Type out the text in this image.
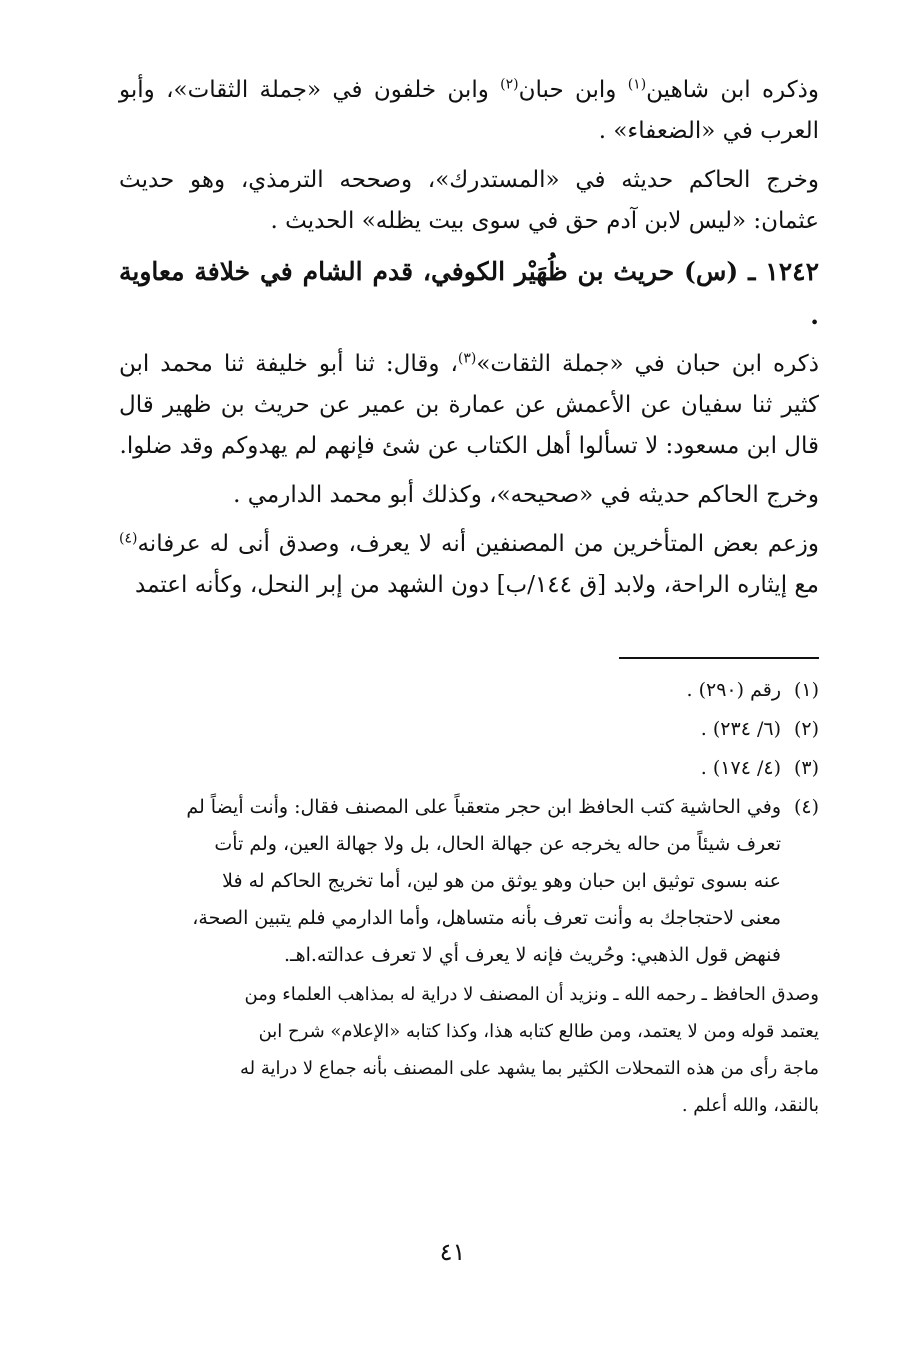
وذكره ابن شاهين$^{(١)}$ وابن حبان$^{(٢)}$ وابن خلفون في «جملة الثقات»، وأبو العرب في «الضعفاء» .

وخرج الحاكم حديثه في «المستدرك»، وصححه الترمذي، وهو حديث عثمان: «ليس لابن آدم حق في سوى بيت يظله» الحديث .

١٢٤٢ ـ (س) حريث بن ظُهَيْر الكوفي، قدم الشام في خلافة معاوية .

ذكره ابن حبان في «جملة الثقات»$^{(٣)}$، وقال: ثنا أبو خليفة ثنا محمد ابن كثير ثنا سفيان عن الأعمش عن عمارة بن عمير عن حريث بن ظهير قال قال ابن مسعود: لا تسألوا أهل الكتاب عن شئ فإنهم لم يهدوكم وقد ضلوا.

وخرج الحاكم حديثه في «صحيحه»، وكذلك أبو محمد الدارمي .

وزعم بعض المتأخرين من المصنفين أنه لا يعرف، وصدق أنى له عرفانه$^{(٤)}$ مع إيثاره الراحة، ولابد [ق ١٤٤/ب] دون الشهد من إبر النحل، وكأنه اعتمد

(١)
رقم (٢٩٠) .
(٢)
(٦/ ٢٣٤) .
(٣)
(٤/ ١٧٤) .
(٤)
وفي الحاشية كتب الحافظ ابن حجر متعقباً على المصنف فقال: وأنت أيضاً لم
تعرف شيئاً من حاله يخرجه عن جهالة الحال، بل ولا جهالة العين، ولم تأت
عنه بسوى توثيق ابن حبان وهو يوثق من هو لين، أما تخريج الحاكم له فلا
معنى لاحتجاجك به وأنت تعرف بأنه متساهل، وأما الدارمي فلم يتبين الصحة،
فنهض قول الذهبي: وحُريث فإنه لا يعرف أي لا تعرف عدالته.اهـ.
وصدق الحافظ ـ رحمه الله ـ ونزيد أن المصنف لا دراية له بمذاهب العلماء ومن
يعتمد قوله ومن لا يعتمد، ومن طالع كتابه هذا، وكذا كتابه «الإعلام» شرح ابن
ماجة رأى من هذه التمحلات الكثير بما يشهد على المصنف بأنه جماع لا دراية له
بالنقد، والله أعلم .
٤١
